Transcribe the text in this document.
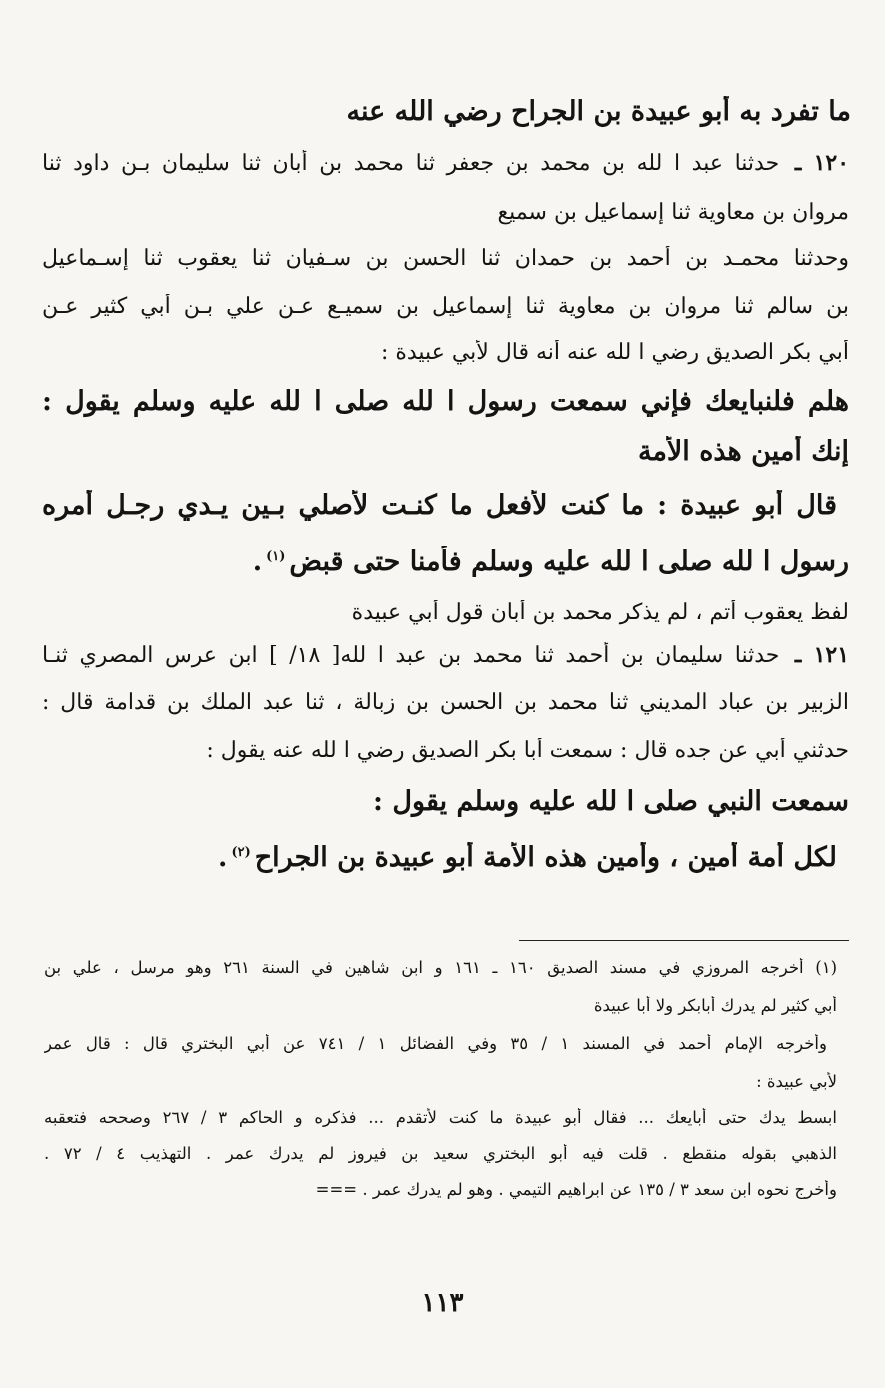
ما تفرد به أبو عبيدة بن الجراح رضي الله عنه
١٢٠ ـ حدثنا عبد ا لله بن محمد بن جعفر ثنا محمد بن أبان ثنا سليمان بـن داود ثنا
مروان بن معاوية ثنا إسماعيل بن سميع
وحدثنا محمـد بن أحمد بن حمدان ثنا الحسن بن سـفيان ثنا يعقوب ثنا إسـماعيل
بن سالم ثنا مروان بن معاوية ثنا إسماعيل بن سميـع عـن علي بـن أبي كثير عـن
أبي بكر الصديق رضي ا لله عنه أنه قال لأبي عبيدة :
هلم فلنبايعك فإني سمعت رسول ا لله صلى ا لله عليه وسلم يقول :
إنك أمين هذه الأمة
قال أبو عبيدة : ما كنت لأفعل ما كنـت لأصلي بـين يـدي رجـل أمره
رسول ا لله صلى ا لله عليه وسلم فأمنا حتى قبض$^{(١)}$.
لفظ يعقوب أتم ، لم يذكر محمد بن أبان قول أبي عبيدة
١٢١ ـ حدثنا سليمان بن أحمد ثنا محمد بن عبد ا لله[ ١٨/ ] ابن عرس المصري ثنـا
الزبير بن عباد المديني ثنا محمد بن الحسن بن زبالة ، ثنا عبد الملك بن قدامة قال :
حدثني أبي عن جده قال : سمعت أبا بكر الصديق رضي ا لله عنه يقول :
سمعت النبي صلى ا لله عليه وسلم يقول :
لكل أمة أمين ، وأمين هذه الأمة أبو عبيدة بن الجراح$^{(٢)}$.
(١) أخرجه المروزي في مسند الصديق ١٦٠ ـ ١٦١ و ابن شاهين في السنة ٢٦١ وهو مرسل ، علي بن
أبي كثير لم يدرك أبابكر ولا أبا عبيدة
وأخرجه الإمام أحمد في المسند ١ / ٣٥ وفي الفضائل ١ / ٧٤١ عن أبي البختري قال : قال عمر
لأبي عبيدة :
ابسط يدك حتى أبايعك ... فقال أبو عبيدة ما كنت لأتقدم ... فذكره و الحاكم ٣ / ٢٦٧ وصححه فتعقبه
الذهبي بقوله منقطع . قلت فيه أبو البختري سعيد بن فيروز لم يدرك عمر . التهذيب ٤ / ٧٢ .
وأخرج نحوه ابن سعد ٣ / ١٣٥ عن ابراهيم التيمي . وهو لم يدرك عمر . ===
١١٣
